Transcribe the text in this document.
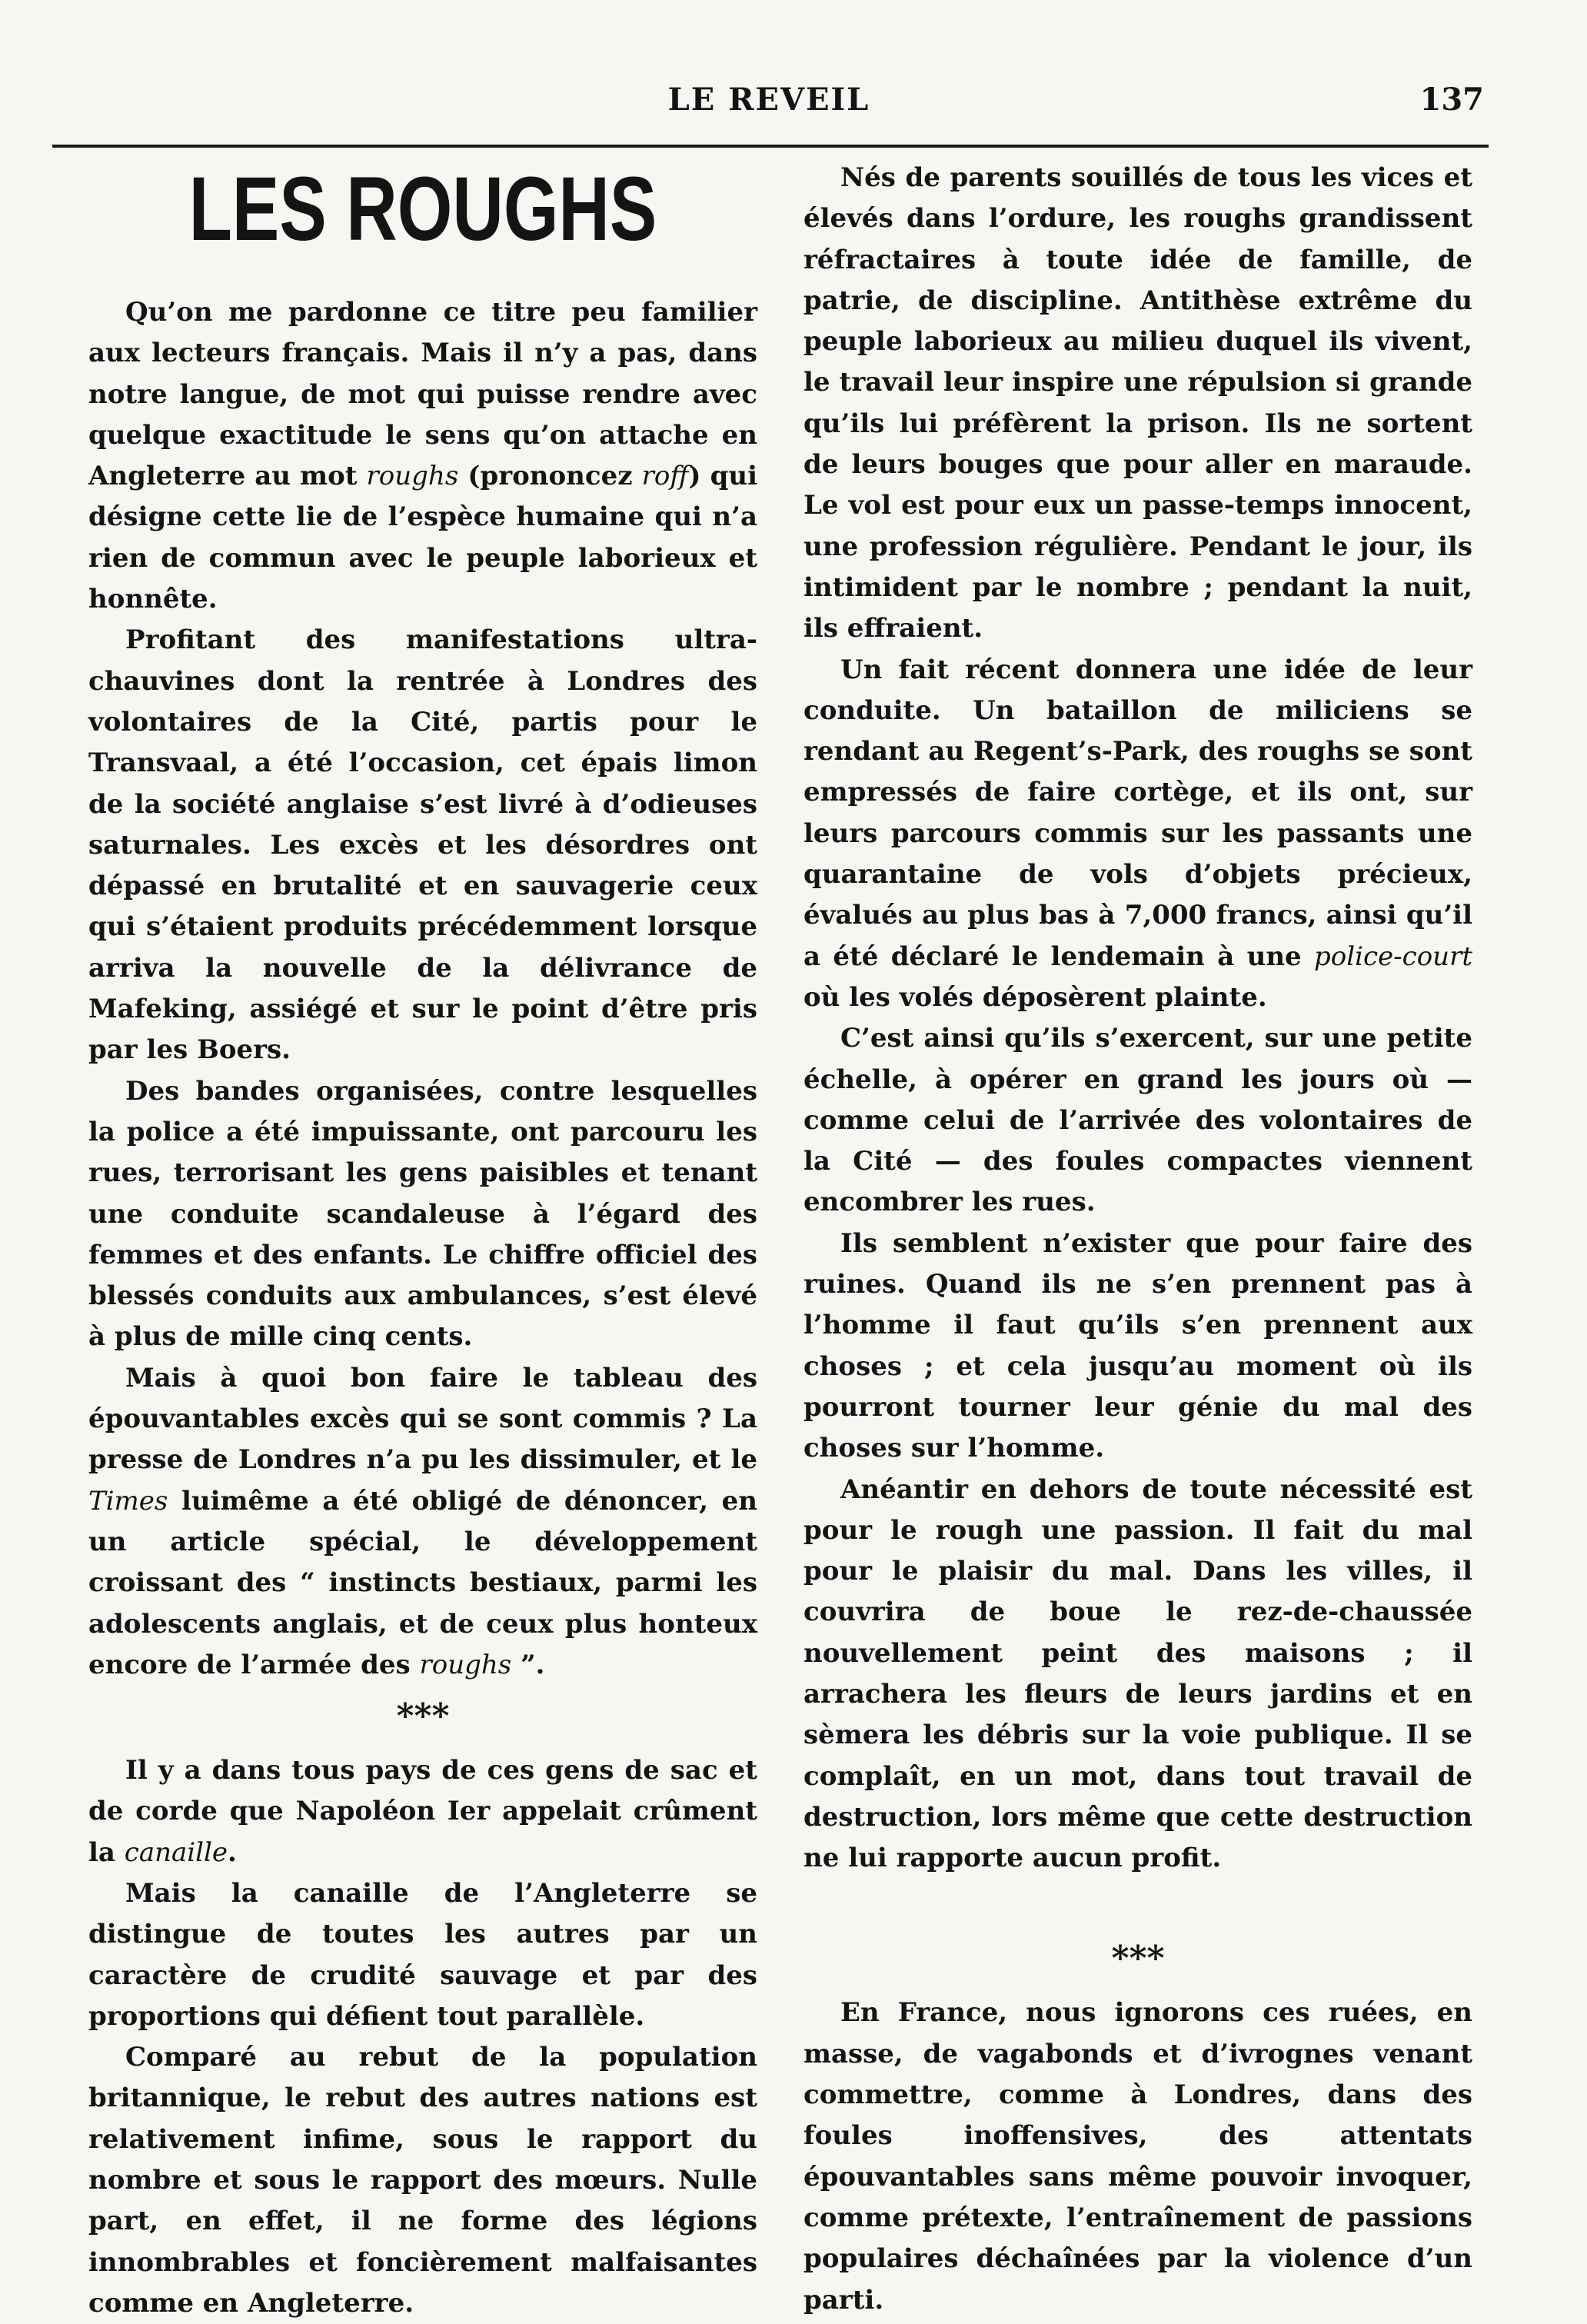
LE REVEIL	137
LES ROUGHS

Qu’on me pardonne ce titre peu familier aux lecteurs français. Mais il n’y a pas, dans notre langue, de mot qui puisse rendre avec quelque exactitude le sens qu’on attache en Angleterre au mot roughs (prononcez roff) qui désigne cette lie de l’espèce humaine qui n’a rien de commun avec le peuple laborieux et honnête.

Profitant des manifestations ultra-chauvines dont la rentrée à Londres des volontaires de la Cité, partis pour le Transvaal, a été l’occasion, cet épais limon de la société anglaise s’est livré à d’odieuses saturnales. Les excès et les désordres ont dépassé en brutalité et en sauvagerie ceux qui s’étaient produits précédemment lorsque arriva la nouvelle de la délivrance de Mafeking, assiégé et sur le point d’être pris par les Boers.

Des bandes organisées, contre lesquelles la police a été impuissante, ont parcouru les rues, terrorisant les gens paisibles et tenant une conduite scandaleuse à l’égard des femmes et des enfants. Le chiffre officiel des blessés conduits aux ambulances, s’est élevé à plus de mille cinq cents.

Mais à quoi bon faire le tableau des épouvantables excès qui se sont commis ? La presse de Londres n’a pu les dissimuler, et le Times luimême a été obligé de dénoncer, en un article spécial, le développement croissant des “ instincts bestiaux, parmi les adolescents anglais, et de ceux plus honteux encore de l’armée des roughs ”.

***

Il y a dans tous pays de ces gens de sac et de corde que Napoléon Ier appelait crûment la canaille.

Mais la canaille de l’Angleterre se distingue de toutes les autres par un caractère de crudité sauvage et par des proportions qui défient tout parallèle.

Comparé au rebut de la population britannique, le rebut des autres nations est relativement infime, sous le rapport du nombre et sous le rapport des mœurs. Nulle part, en effet, il ne forme des légions innombrables et foncièrement malfaisantes comme en Angleterre.

Nés de parents souillés de tous les vices et élevés dans l’ordure, les roughs grandissent réfractaires à toute idée de famille, de patrie, de discipline. Antithèse extrême du peuple laborieux au milieu duquel ils vivent, le travail leur inspire une répulsion si grande qu’ils lui préfèrent la prison. Ils ne sortent de leurs bouges que pour aller en maraude. Le vol est pour eux un passe-temps innocent, une profession régulière. Pendant le jour, ils intimident par le nombre ; pendant la nuit, ils effraient.

Un fait récent donnera une idée de leur conduite. Un bataillon de miliciens se rendant au Regent’s-Park, des roughs se sont empressés de faire cortège, et ils ont, sur leurs parcours commis sur les passants une quarantaine de vols d’objets précieux, évalués au plus bas à 7,000 francs, ainsi qu’il a été déclaré le lendemain à une police-court où les volés déposèrent plainte.

C’est ainsi qu’ils s’exercent, sur une petite échelle, à opérer en grand les jours où — comme celui de l’arrivée des volontaires de la Cité — des foules compactes viennent encombrer les rues.

Ils semblent n’exister que pour faire des ruines. Quand ils ne s’en prennent pas à l’homme il faut qu’ils s’en prennent aux choses ; et cela jusqu’au moment où ils pourront tourner leur génie du mal des choses sur l’homme.

Anéantir en dehors de toute nécessité est pour le rough une passion. Il fait du mal pour le plaisir du mal. Dans les villes, il couvrira de boue le rez-de-chaussée nouvellement peint des maisons ; il arrachera les fleurs de leurs jardins et en sèmera les débris sur la voie publique. Il se complaît, en un mot, dans tout travail de destruction, lors même que cette destruction ne lui rapporte aucun profit.

***

En France, nous ignorons ces ruées, en masse, de vagabonds et d’ivrognes venant commettre, comme à Londres, dans des foules inoffensives, des attentats épouvantables sans même pouvoir invoquer, comme prétexte, l’entraînement de passions populaires déchaînées par la violence d’un parti.
